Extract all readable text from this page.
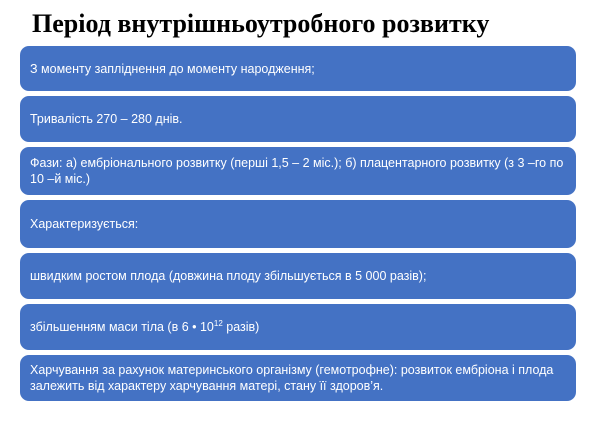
Період внутрішньоутробного розвитку
З моменту запліднення до моменту народження;
Тривалість 270 – 280 днів.
Фази: а) ембріонального розвитку (перші 1,5 – 2 міс.); б) плацентарного розвитку (з 3 –го по 10 –й міс.)
Характеризується:
швидким ростом плода (довжина плоду збільшується в 5 000 разів);
збільшенням маси тіла (в 6 • $10^{12}$ разів)
Харчування за рахунок материнського організму (гемотрофне): розвиток ембріона і плода залежить від характеру харчування матері, стану її здоров’я.
